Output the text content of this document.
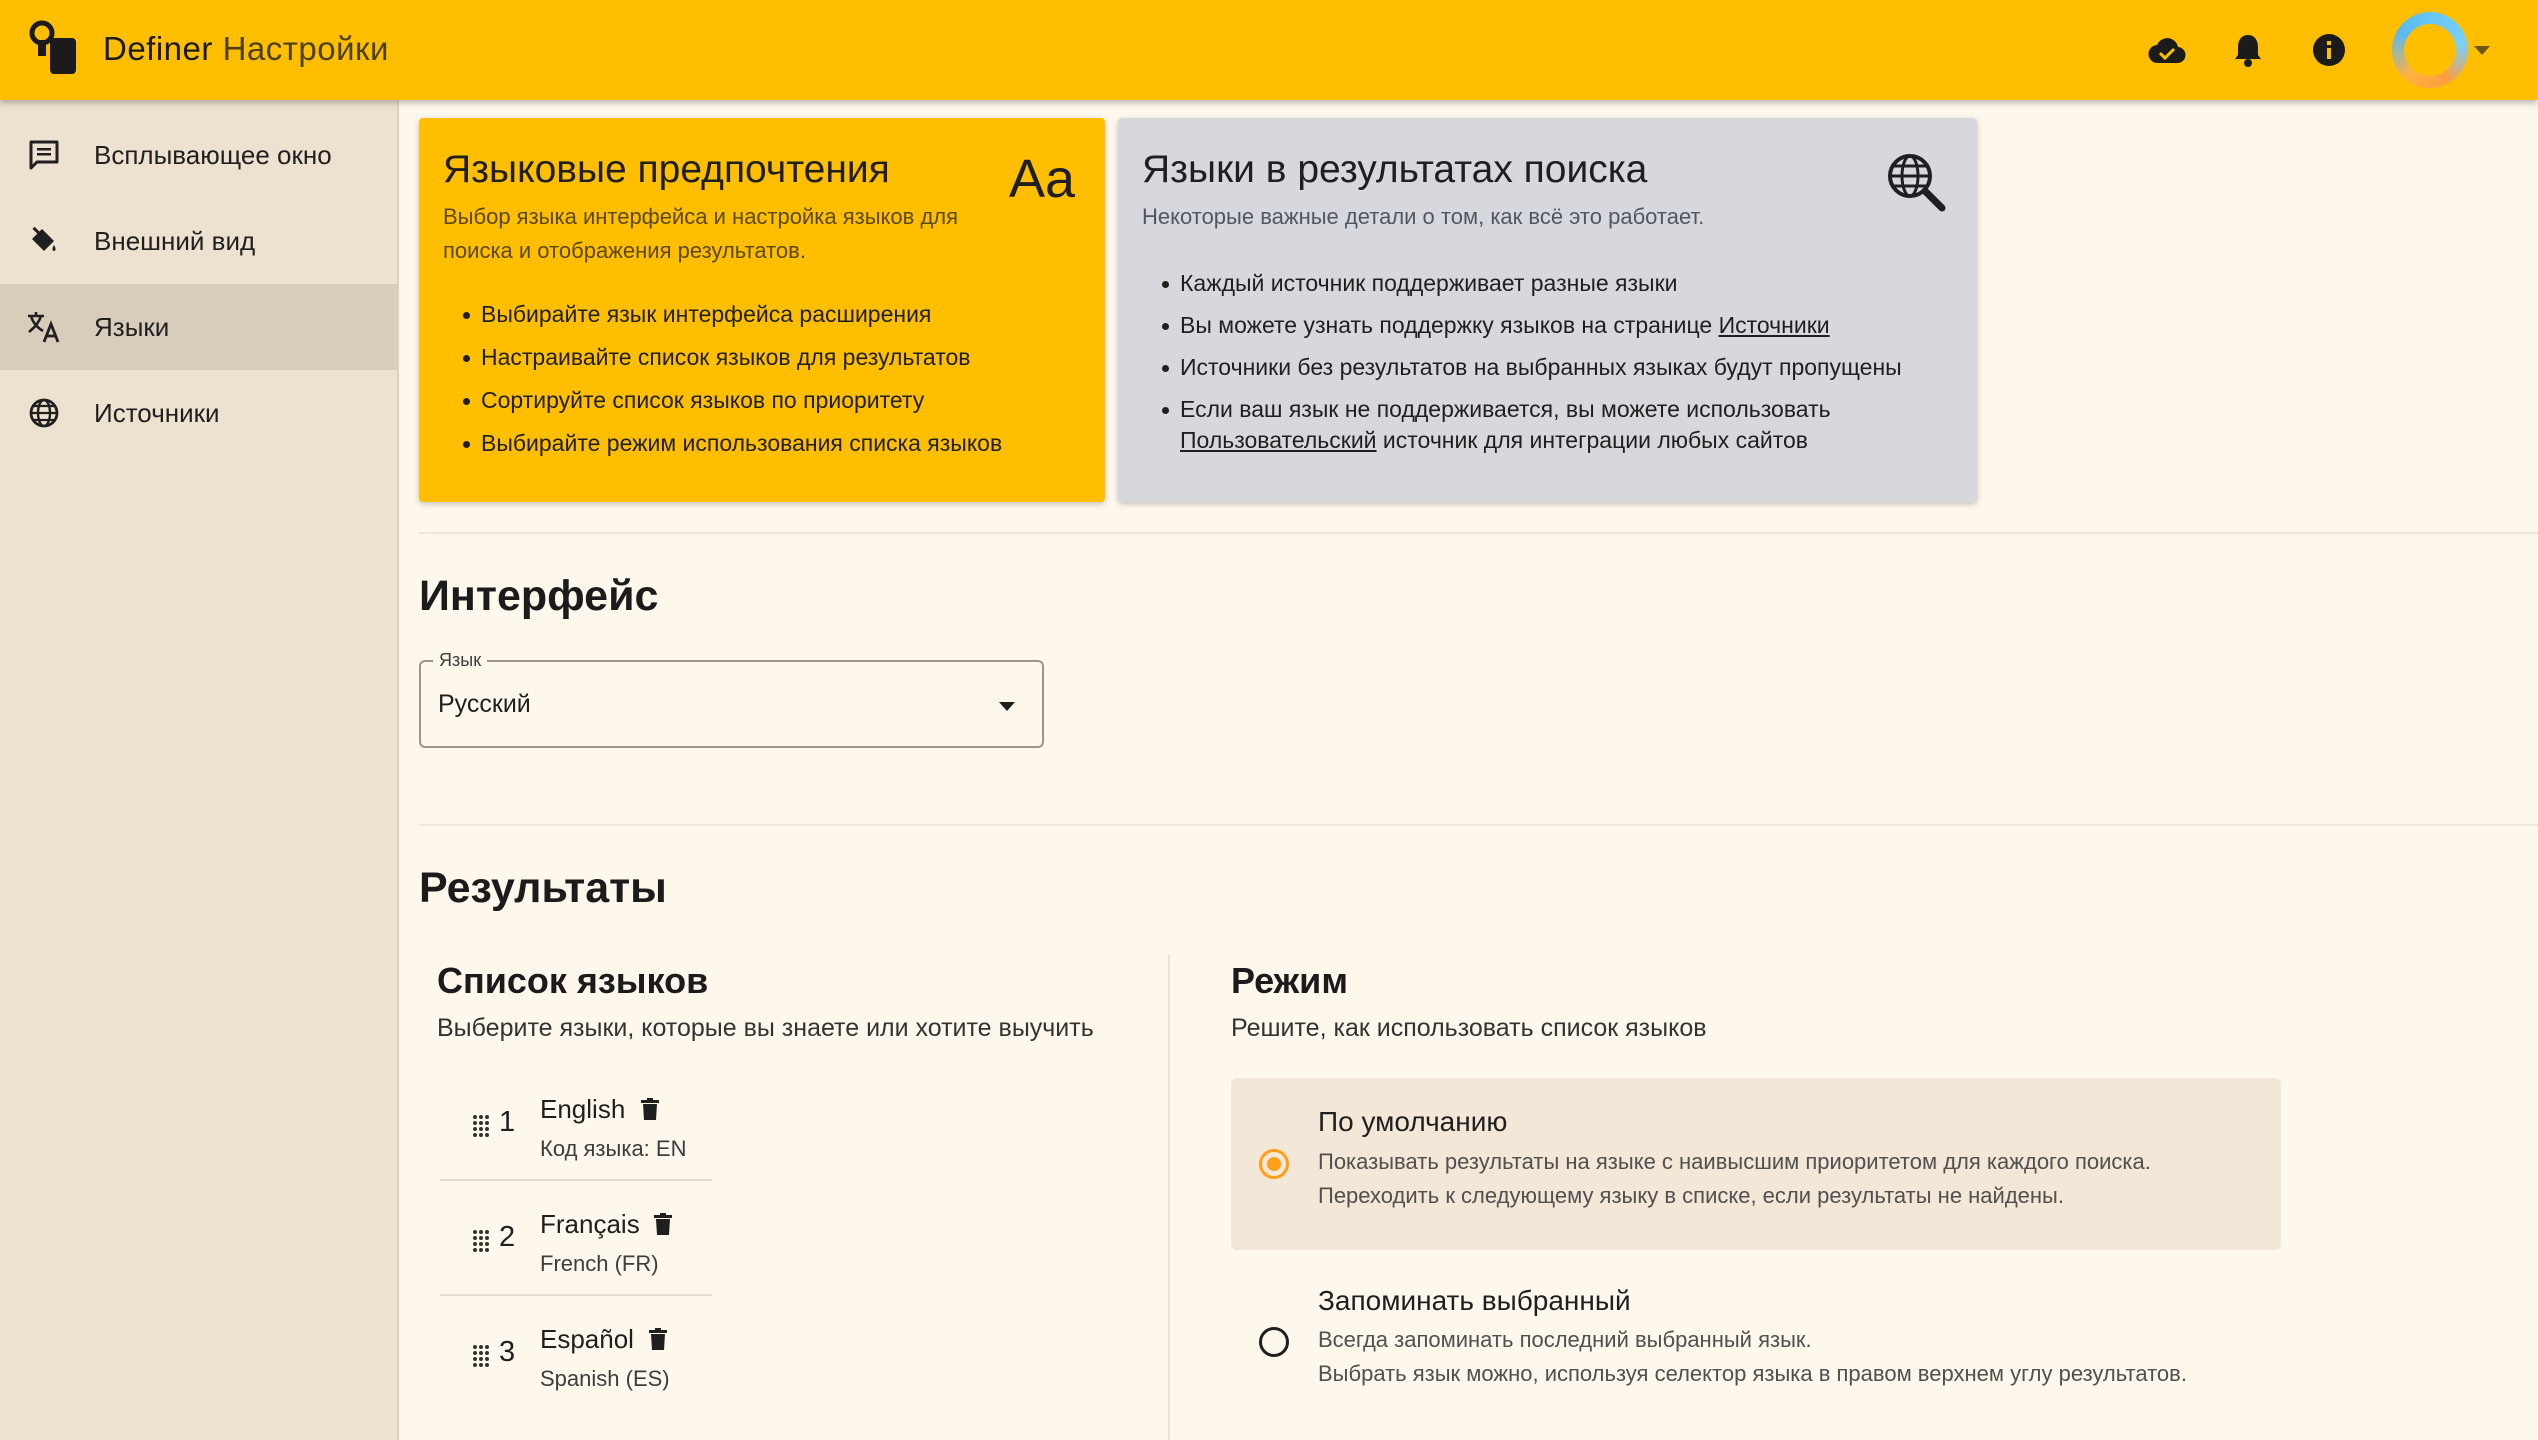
Definer Настройки
Всплывающее окно
Внешний вид
Языки
Источники
Языковые предпочтения Aa
Выбор языка интерфейса и настройка языков для поиска и отображения результатов.
Выбирайте язык интерфейса расширения
Настраивайте список языков для результатов
Сортируйте список языков по приоритету
Выбирайте режим использования списка языков
Языки в результатах поиска
Некоторые важные детали о том, как всё это работает.
Каждый источник поддерживает разные языки
Вы можете узнать поддержку языков на странице Источники
Источники без результатов на выбранных языках будут пропущены
Если ваш язык не поддерживается, вы можете использовать Пользовательский источник для интеграции любых сайтов
Интерфейс
Язык
Русский
Результаты
Список языков
Выберите языки, которые вы знаете или хотите выучить
1 English
Код языка: EN
2 Français
French (FR)
3 Español
Spanish (ES)
Режим
Решите, как использовать список языков
По умолчанию
Показывать результаты на языке с наивысшим приоритетом для каждого поиска.
Переходить к следующему языку в списке, если результаты не найдены.
Запоминать выбранный
Всегда запоминать последний выбранный язык.
Выбрать язык можно, используя селектор языка в правом верхнем углу результатов.
